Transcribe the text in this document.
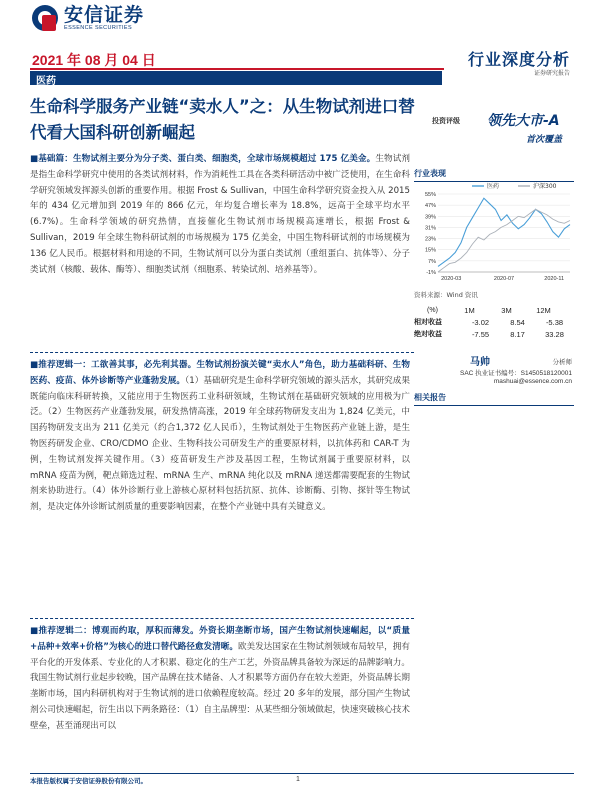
安信证券
ESSENCE SECURITIES
2021 年 08 月 04 日	行业深度分析
证券研究报告
医药
生命科学服务产业链“卖水人”之：从生物试剂进口替代看大国科研创新崛起
投资评级 领先大市-A
首次覆盖
■基础篇：生物试剂主要分为分子类、蛋白类、细胞类，全球市场规模超过 175 亿美金。生物试剂是指生命科学研究中使用的各类试剂材料，作为消耗性工具在各类科研活动中被广泛使用，在生命科学研究领域发挥源头创新的重要作用。根据 Frost & Sullivan，中国生命科学研究资金投入从 2015 年的 434 亿元增加到 2019 年的 866 亿元，年均复合增长率为 18.8%，远高于全球平均水平 (6.7%)。生命科学领域的研究热情，直接催化生物试剂市场规模高速增长，根据 Frost & Sullivan，2019 年全球生物科研试剂的市场规模为 175 亿美金，中国生物科研试剂的市场规模为 136 亿人民币。根据材料和用途的不同，生物试剂可以分为蛋白类试剂（重组蛋白、抗体等）、分子类试剂（核酸、载体、酶等）、细胞类试剂（细胞系、转染试剂、培养基等）。
■推荐逻辑一：工欲善其事，必先利其器。生物试剂扮演关键“卖水人”角色，助力基础科研、生物医药、疫苗、体外诊断等产业蓬勃发展。（1）基础研究是生命科学研究领域的源头活水，其研究成果既能向临床科研转换，又能应用于生物医药工业科研领域，生物试剂在基础研究领域的应用极为广泛。（2）生物医药产业蓬勃发展，研发热情高涨，2019 年全球药物研发支出为 1,824 亿美元，中国药物研发支出为 211 亿美元（约合1,372 亿人民币），生物试剂处于生物医药产业链上游，是生物医药研发企业、CRO/CDMO 企业、生物科技公司研发生产的重要原材料，以抗体药和 CAR-T 为例，生物试剂发挥关键作用。（3）疫苗研发生产涉及基因工程，生物试剂属于重要原材料，以 mRNA 疫苗为例，靶点筛选过程、mRNA 生产、mRNA 纯化以及 mRNA 递送都需要配套的生物试剂来协助进行。（4）体外诊断行业上游核心原材料包括抗原、抗体、诊断酶、引物、探针等生物试剂，是决定体外诊断试剂质量的重要影响因素，在整个产业链中具有关键意义。
■推荐逻辑二：博观而约取，厚积而薄发。外资长期垄断市场，国产生物试剂快速崛起，以“质量+品种+效率+价格”为核心的进口替代路径愈发清晰。欧美发达国家在生物试剂领域布局较早，拥有平台化的开发体系、专业化的人才积累、稳定化的生产工艺，外资品牌具备较为深远的品牌影响力。我国生物试剂行业起步较晚，国产品牌在技术储备、人才积累等方面仍存在较大差距，外资品牌长期垄断市场，国内科研机构对于生物试剂的进口依赖程度较高。经过 20 多年的发展，部分国产生物试剂公司快速崛起，衍生出以下两条路径：（1）自主品牌型：从某些细分领域做起，快速突破核心技术壁垒，甚至涌现出可以
行业表现
医药	沪深300
-1%
7%
15%
23%
31%
39%
47%
55%
2020-03	2020-07	2020-11
资料来源：Wind 资讯
(%)	1M	3M	12M
相对收益	-3.02	8.54	-5.38
绝对收益	-7.55	8.17	33.28
马帅	分析师
SAC 执业证书编号：S1450518120001
mashuai@essence.com.cn
相关报告
本报告版权属于安信证券股份有限公司。	1
